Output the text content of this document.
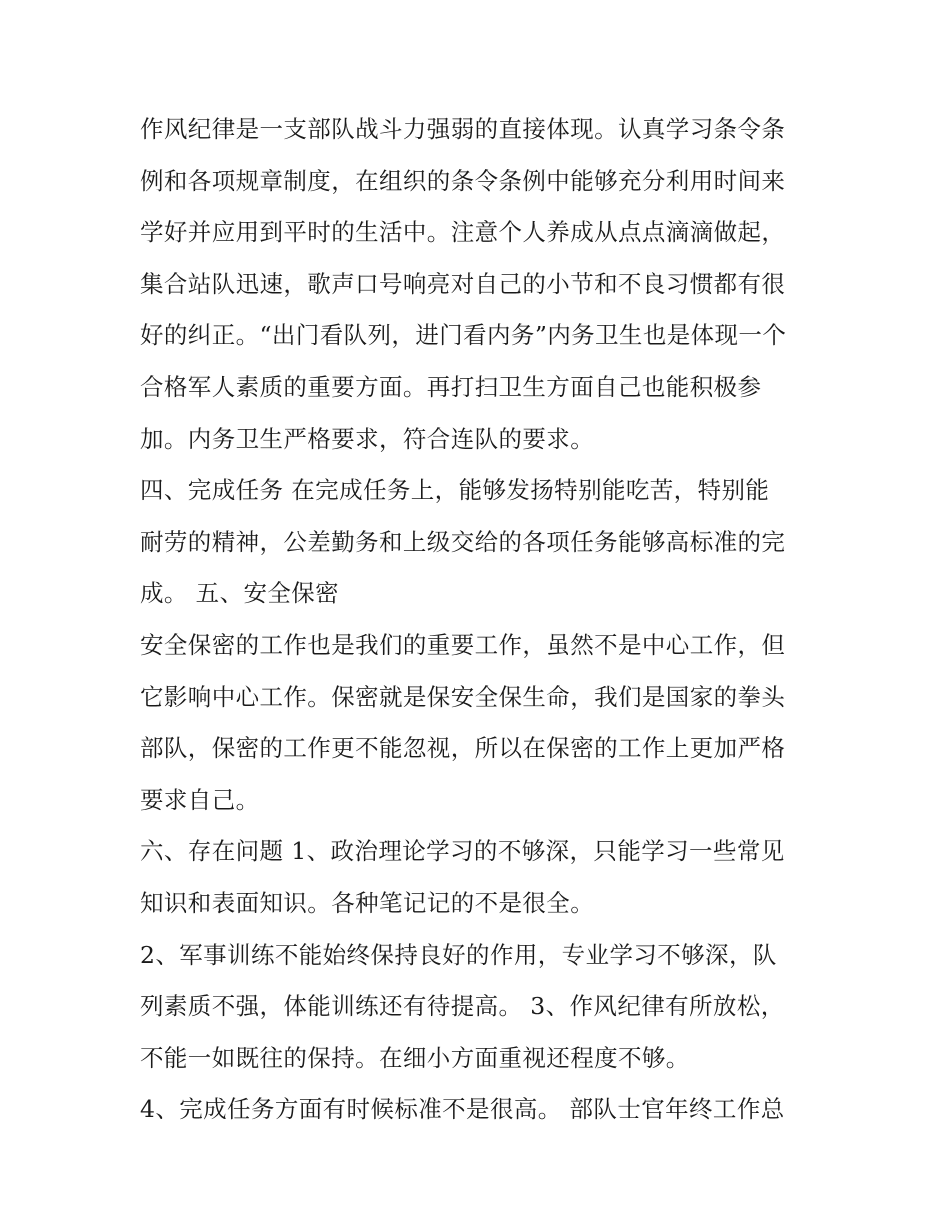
作风纪律是一支部队战斗力强弱的直接体现。认真学习条令条
例和各项规章制度，在组织的条令条例中能够充分利用时间来
学好并应用到平时的生活中。注意个人养成从点点滴滴做起，
集合站队迅速，歌声口号响亮对自己的小节和不良习惯都有很
好的纠正。“出门看队列，进门看内务”内务卫生也是体现一个
合格军人素质的重要方面。再打扫卫生方面自己也能积极参
加。内务卫生严格要求，符合连队的要求。
四、完成任务 在完成任务上，能够发扬特别能吃苦，特别能
耐劳的精神，公差勤务和上级交给的各项任务能够高标准的完
成。 五、安全保密
安全保密的工作也是我们的重要工作，虽然不是中心工作，但
它影响中心工作。保密就是保安全保生命，我们是国家的拳头
部队，保密的工作更不能忽视，所以在保密的工作上更加严格
要求自己。
六、存在问题 1、政治理论学习的不够深，只能学习一些常见
知识和表面知识。各种笔记记的不是很全。
2、军事训练不能始终保持良好的作用，专业学习不够深，队
列素质不强，体能训练还有待提高。 3、作风纪律有所放松，
不能一如既往的保持。在细小方面重视还程度不够。
4、完成任务方面有时候标准不是很高。 部队士官年终工作总
